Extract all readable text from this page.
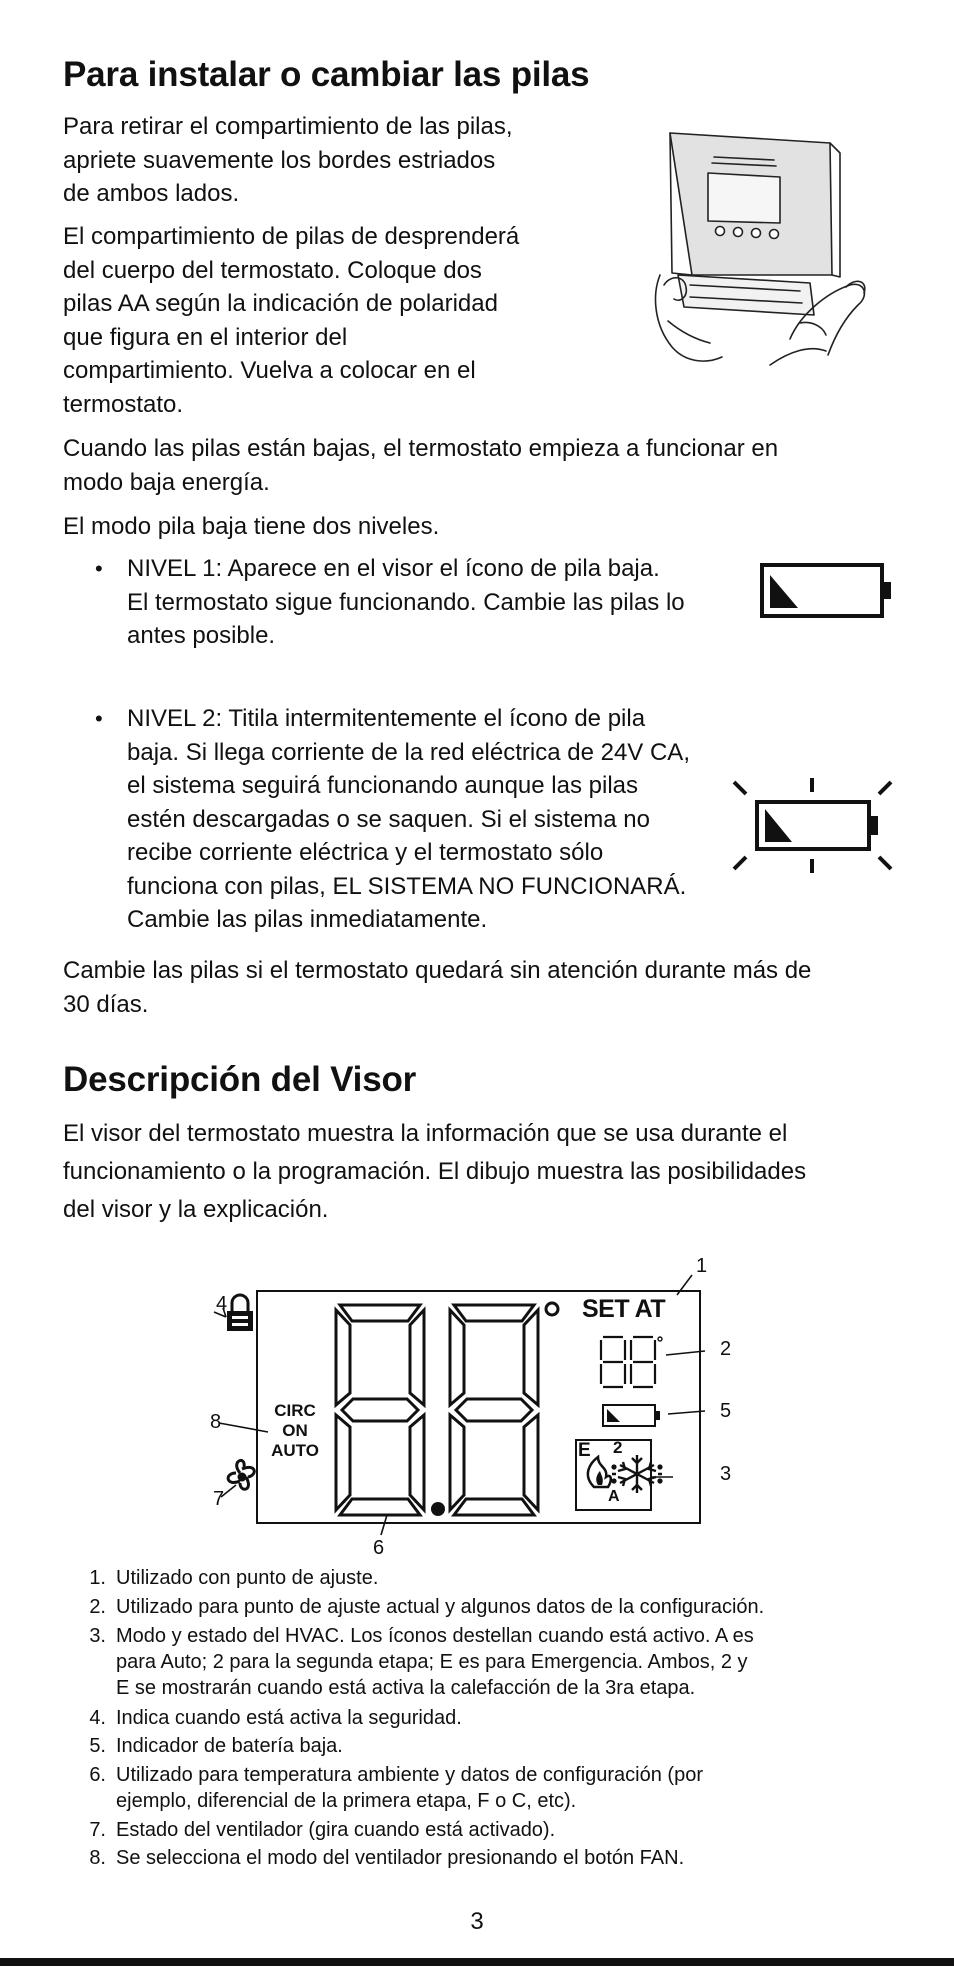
Para instalar o cambiar las pilas
Para retirar el compartimiento de las pilas,
apriete suavemente los bordes estriados
de ambos lados.
El compartimiento de pilas de desprenderá
del cuerpo del termostato. Coloque dos
pilas AA según la indicación de polaridad
que figura en el interior del
compartimiento. Vuelva a colocar en el
termostato.
Cuando las pilas están bajas, el termostato empieza a funcionar en
modo baja energía.
El modo pila baja tiene dos niveles.
• NIVEL 1: Aparece en el visor el ícono de pila baja.
El termostato sigue funcionando. Cambie las pilas lo
antes posible.
• NIVEL 2: Titila intermitentemente el ícono de pila
baja. Si llega corriente de la red eléctrica de 24V CA,
el sistema seguirá funcionando aunque las pilas
estén descargadas o se saquen. Si el sistema no
recibe corriente eléctrica y el termostato sólo
funciona con pilas, EL SISTEMA NO FUNCIONARÁ.
Cambie las pilas inmediatamente.
Cambie las pilas si el termostato quedará sin atención durante más de
30 días.
Descripción del Visor
El visor del termostato muestra la información que se usa durante el
funcionamiento o la programación. El dibujo muestra las posibilidades
del visor y la explicación.
SET AT
CIRC
ON
AUTO	E 2
A
1
2
3
4
5
6
7
8
1. Utilizado con punto de ajuste.
2. Utilizado para punto de ajuste actual y algunos datos de la configuración.
3. Modo y estado del HVAC. Los íconos destellan cuando está activo. A es
para Auto; 2 para la segunda etapa; E es para Emergencia. Ambos, 2 y
E se mostrarán cuando está activa la calefacción de la 3ra etapa.
4. Indica cuando está activa la seguridad.
5. Indicador de batería baja.
6. Utilizado para temperatura ambiente y datos de configuración (por
ejemplo, diferencial de la primera etapa, F o C, etc).
7. Estado del ventilador (gira cuando está activado).
8. Se selecciona el modo del ventilador presionando el botón FAN.
3
